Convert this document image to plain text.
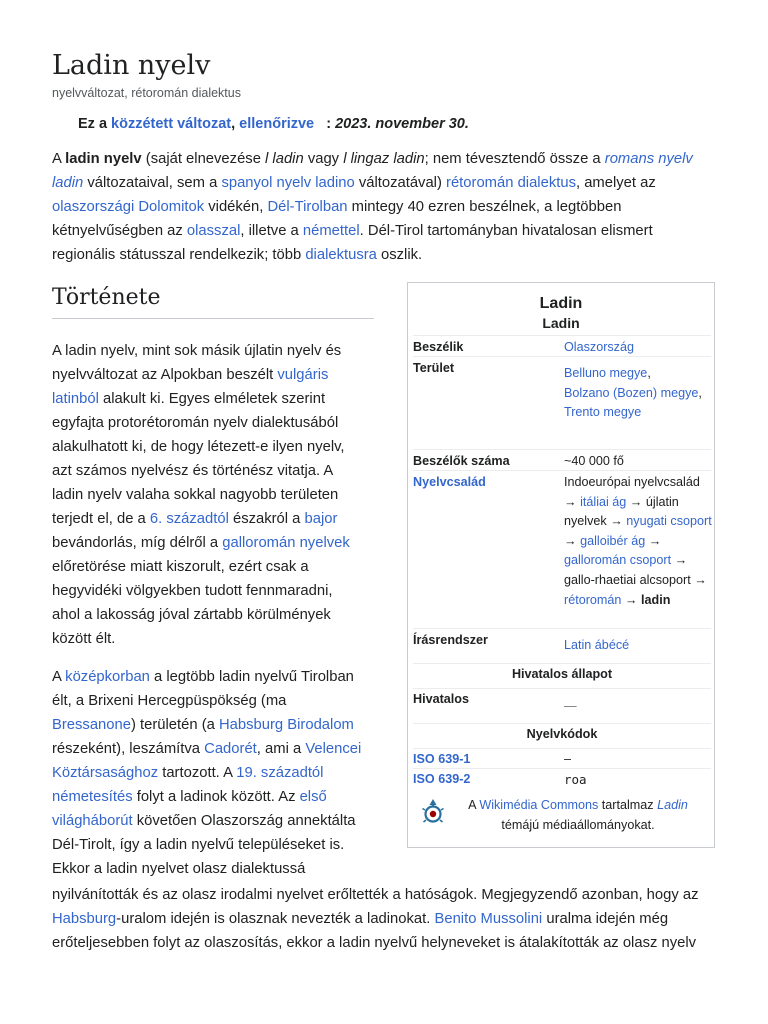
Ladin nyelv
nyelvváltozat, rétoromán dialektus
Ez a közzétett változat, ellenőrizve : 2023. november 30.

A ladin nyelv (saját elnevezése l ladin vagy l lingaz ladin; nem tévesztendő össze a romans nyelv ladin változataival, sem a spanyol nyelv ladino változatával) rétoromán dialektus, amelyet az olaszországi Dolomitok vidékén, Dél-Tirolban mintegy 40 ezren beszélnek, a legtöbben kétnyelvűségben az olasszal, illetve a némettel. Dél-Tirol tartományban hivatalosan elismert regionális státusszal rendelkezik; több dialektusra oszlik.

Története

A ladin nyelv, mint sok másik újlatin nyelv és nyelvváltozat az Alpokban beszélt vulgáris latinból alakult ki. Egyes elméletek szerint egyfajta protorétoromán nyelv dialektusából alakulhatott ki, de hogy létezett-e ilyen nyelv, azt számos nyelvész és történész vitatja. A ladin nyelv valaha sokkal nagyobb területen terjedt el, de a 6. századtól északról a bajor bevándorlás, míg délről a galloromán nyelvek előretörése miatt kiszorult, ezért csak a hegyvidéki völgyekben tudott fennmaradni, ahol a lakosság jóval zártabb körülmények között élt.

A középkorban a legtöbb ladin nyelvű Tirolban élt, a Brixeni Hercegpüspökség (ma Bressanone) területén (a Habsburg Birodalom részeként), leszámítva Cadorét, ami a Velencei Köztársasághoz tartozott. A 19. századtól németesítés folyt a ladinok között. Az első világháborút követően Olaszország annektálta Dél-Tirolt, így a ladin nyelvű településeket is. Ekkor a ladin nyelvet olasz dialektussá

nyilvánították és az olasz irodalmi nyelvet erőltették a hatóságok. Megjegyzendő azonban, hogy az Habsburg-uralom idején is olasznak nevezték a ladinokat. Benito Mussolini uralma idején még erőteljesebben folyt az olaszosítás, ekkor a ladin nyelvű helyneveket is átalakították az olasz nyelv

Ladin
Ladin
Beszélik	Olaszország
Terület	Belluno megye,
Bolzano (Bozen) megye,
Trento megye
Beszélők száma	~40 000 fő
Nyelvcsalád	Indoeurópai nyelvcsalád → itáliai ág → újlatin nyelvek → nyugati csoport → galloibér ág → galloromán csoport → gallo-rhaetiai alcsoport → rétoromán → ladin
Írásrendszer	Latin ábécé
Hivatalos állapot
Hivatalos	—
Nyelvkódok
ISO 639-1	–
ISO 639-2	roa
A Wikimédia Commons tartalmaz Ladin témájú médiaállományokat.
